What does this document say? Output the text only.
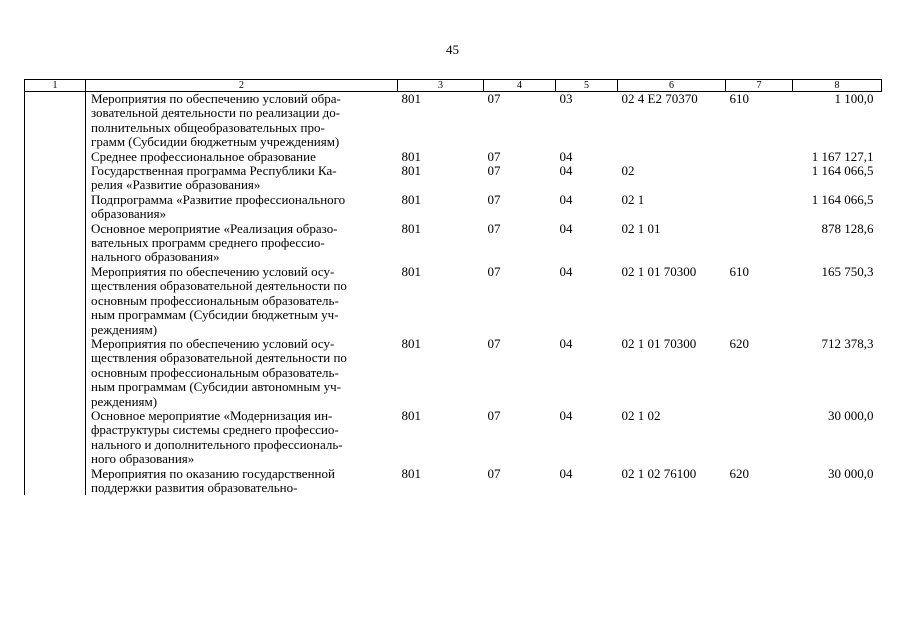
45
1	2	3	4	5	6	7	8

	Мероприятия по обеспечению условий обра-
зовательной деятельности по реализации до-
полнительных общеобразовательных про-
грамм (Субсидии бюджетным учреждениям)	801	07	03	02 4 E2 70370	610	1 100,0

	Среднее профессиональное образование	801	07	04			1 167 127,1

	Государственная программа Республики Ка-
релия «Развитие образования»	801	07	04	02		1 164 066,5

	Подпрограмма «Развитие профессионального
образования»	801	07	04	02 1		1 164 066,5

	Основное мероприятие «Реализация образо-
вательных программ среднего профессио-
нального образования»	801	07	04	02 1 01		878 128,6

	Мероприятия по обеспечению условий осу-
ществления образовательной деятельности по
основным профессиональным образователь-
ным программам (Субсидии бюджетным уч-
реждениям)	801	07	04	02 1 01 70300	610	165 750,3

	Мероприятия по обеспечению условий осу-
ществления образовательной деятельности по
основным профессиональным образователь-
ным программам (Субсидии автономным уч-
реждениям)	801	07	04	02 1 01 70300	620	712 378,3

	Основное мероприятие «Модернизация ин-
фраструктуры системы среднего профессио-
нального и дополнительного профессиональ-
ного образования»	801	07	04	02 1 02		30 000,0

	Мероприятия по оказанию государственной
поддержки развития образовательно-	801	07	04	02 1 02 76100	620	30 000,0
